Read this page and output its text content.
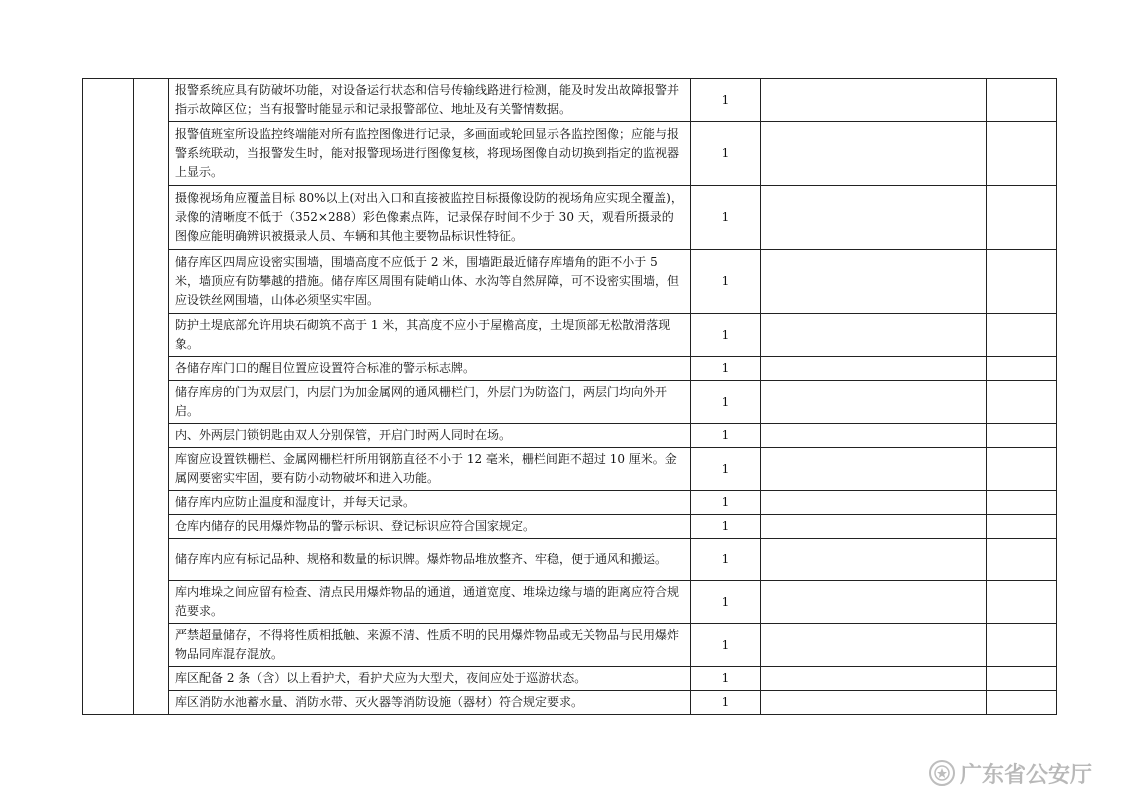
		报警系统应具有防破坏功能，对设备运行状态和信号传输线路进行检测，能及时发出故障报警并指示故障区位；当有报警时能显示和记录报警部位、地址及有关警情数据。	1		
		报警值班室所设监控终端能对所有监控图像进行记录，多画面或轮回显示各监控图像；应能与报警系统联动，当报警发生时，能对报警现场进行图像复核，将现场图像自动切换到指定的监视器上显示。	1		
		摄像视场角应覆盖目标 80%以上(对出入口和直接被监控目标摄像设防的视场角应实现全覆盖)，录像的清晰度不低于（352×288）彩色像素点阵，记录保存时间不少于 30 天，观看所摄录的图像应能明确辨识被摄录人员、车辆和其他主要物品标识性特征。	1		
		储存库区四周应设密实围墙，围墙高度不应低于 2 米，围墙距最近储存库墙角的距不小于 5 米，墙顶应有防攀越的措施。储存库区周围有陡峭山体、水沟等自然屏障，可不设密实围墙，但应设铁丝网围墙，山体必须坚实牢固。	1		
		防护土堤底部允许用块石砌筑不高于 1 米，其高度不应小于屋檐高度，土堤顶部无松散滑落现象。	1		
		各储存库门口的醒目位置应设置符合标准的警示标志牌。	1		
		储存库房的门为双层门，内层门为加金属网的通风栅栏门，外层门为防盗门，两层门均向外开启。	1		
		内、外两层门锁钥匙由双人分别保管，开启门时两人同时在场。	1		
		库窗应设置铁栅栏、金属网栅栏杆所用钢筋直径不小于 12 毫米，栅栏间距不超过 10 厘米。金属网要密实牢固，要有防小动物破坏和进入功能。	1		
		储存库内应防止温度和湿度计，并每天记录。	1		
		仓库内储存的民用爆炸物品的警示标识、登记标识应符合国家规定。	1		
		储存库内应有标记品种、规格和数量的标识牌。爆炸物品堆放整齐、牢稳，便于通风和搬运。	1		
		库内堆垛之间应留有检查、清点民用爆炸物品的通道，通道宽度、堆垛边缘与墙的距离应符合规范要求。	1		
		严禁超量储存，不得将性质相抵触、来源不清、性质不明的民用爆炸物品或无关物品与民用爆炸物品同库混存混放。	1		
		库区配备 2 条（含）以上看护犬，看护犬应为大型犬，夜间应处于巡游状态。	1		
		库区消防水池蓄水量、消防水带、灭火器等消防设施（器材）符合规定要求。	1		
广东省公安厅
